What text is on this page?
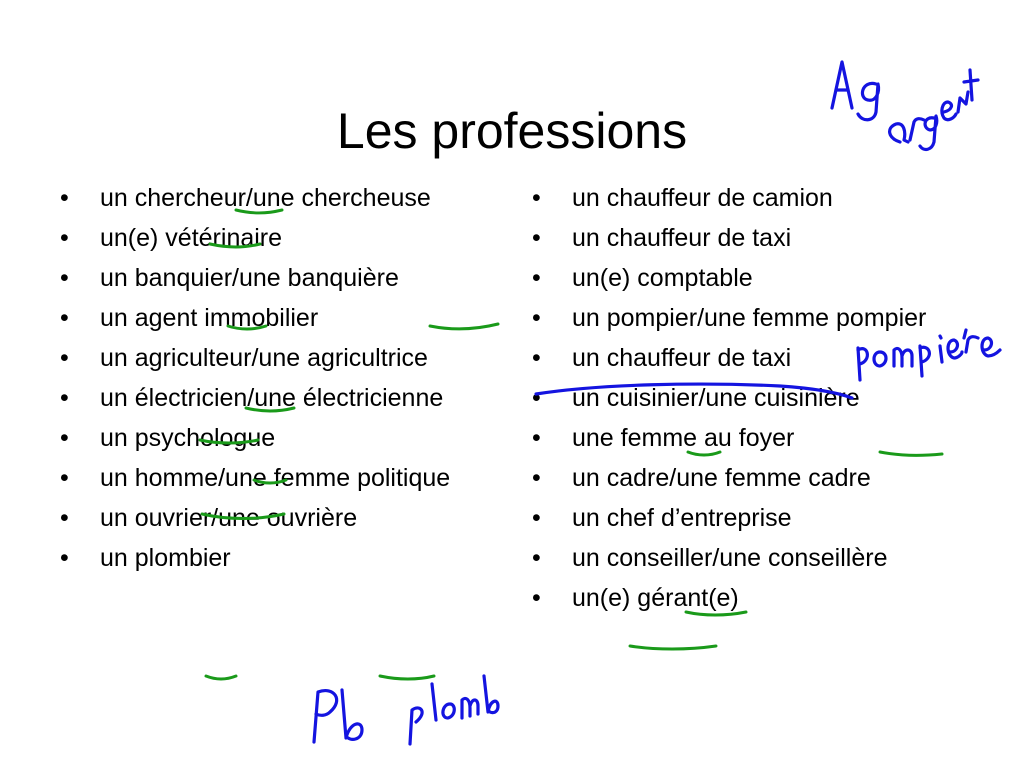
Les professions
•	un chercheur/une chercheuse
•	un(e) vétérinaire
•	un banquier/une banquière
•	un agent immobilier
•	un agriculteur/une agricultrice
•	un électricien/une électricienne
•	un psychologue
•	un homme/une femme politique
•	un ouvrier/une ouvrière
•	un plombier
•	un chauffeur de camion
•	un chauffeur de taxi
•	un(e) comptable
•	un pompier/une femme pompier
•	un chauffeur de taxi
•	un cuisinier/une cuisinière
•	une femme au foyer
•	un cadre/une femme cadre
•	un chef d’entreprise
•	un conseiller/une conseillère
•	un(e) gérant(e)
